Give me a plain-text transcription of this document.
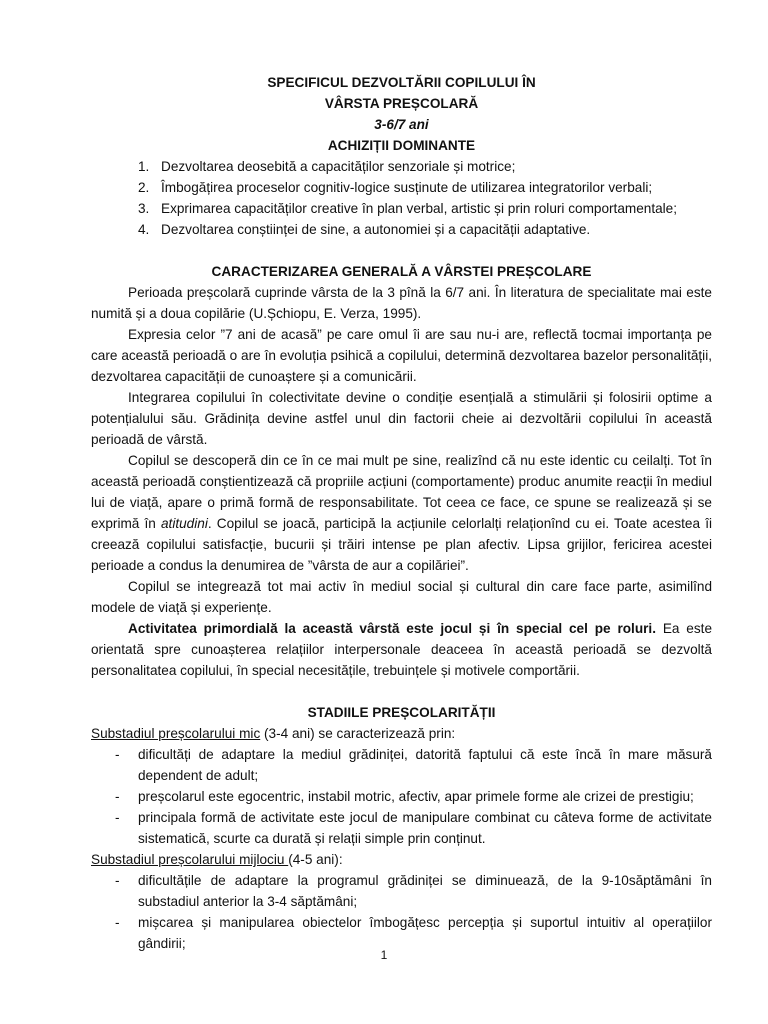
SPECIFICUL DEZVOLTĂRII COPILULUI ÎN
VÂRSTA PREȘCOLARĂ
3-6/7 ani
ACHIZIȚII DOMINANTE
1. Dezvoltarea deosebită a capacităților senzoriale și motrice;
2. Îmbogățirea proceselor cognitiv-logice susținute de utilizarea integratorilor verbali;
3. Exprimarea capacităților creative în plan verbal, artistic și prin roluri comportamentale;
4. Dezvoltarea conștiinței de sine, a autonomiei și a capacității adaptative.
CARACTERIZAREA GENERALĂ A VÂRSTEI PREȘCOLARE

Perioada preșcolară cuprinde vârsta de la 3 pînă la 6/7 ani. În literatura de specialitate mai este numită și a doua copilărie (U.Șchiopu, E. Verza, 1995).

Expresia celor ”7 ani de acasă” pe care omul îi are sau nu-i are, reflectă tocmai importanța pe care această perioadă o are în evoluția psihică a copilului, determină dezvoltarea bazelor personalității, dezvoltarea capacității de cunoaștere și a comunicării.

Integrarea copilului în colectivitate devine o condiție esențială a stimulării și folosirii optime a potențialului său. Grădinița devine astfel unul din factorii cheie ai dezvoltării copilului în această perioadă de vârstă.

Copilul se descoperă din ce în ce mai mult pe sine, realizînd că nu este identic cu ceilalți. Tot în această perioadă conștientizează că propriile acțiuni (comportamente) produc anumite reacții în mediul lui de viață, apare o primă formă de responsabilitate. Tot ceea ce face, ce spune se realizează și se exprimă în atitudini. Copilul se joacă, participă la acțiunile celorlalți relaționînd cu ei. Toate acestea îi creează copilului satisfacție, bucurii și trăiri intense pe plan afectiv. Lipsa grijilor, fericirea acestei perioade a condus la denumirea de ”vârsta de aur a copilăriei”.

Copilul se integrează tot mai activ în mediul social și cultural din care face parte, asimilînd modele de viață și experiențe.

Activitatea primordială la această vârstă este jocul și în special cel pe roluri. Ea este orientată spre cunoașterea relațiilor interpersonale deaceea în această perioadă se dezvoltă personalitatea copilului, în special necesitățile, trebuințele și motivele comportării.

STADIILE PREȘCOLARITĂȚII

Substadiul preșcolarului mic (3-4 ani) se caracterizează prin:

- dificultăți de adaptare la mediul grădiniței, datorită faptului că este încă în mare măsură dependent de adult;
- preșcolarul este egocentric, instabil motric, afectiv, apar primele forme ale crizei de prestigiu;
- principala formă de activitate este jocul de manipulare combinat cu câteva forme de activitate sistematică, scurte ca durată și relații simple prin conținut.

Substadiul preșcolarului mijlociu (4-5 ani):

- dificultățile de adaptare la programul grădiniței se diminuează, de la 9-10săptămâni în substadiul anterior la 3-4 săptămâni;
- mișcarea și manipularea obiectelor îmbogățesc percepția și suportul intuitiv al operațiilor gândirii;
1
